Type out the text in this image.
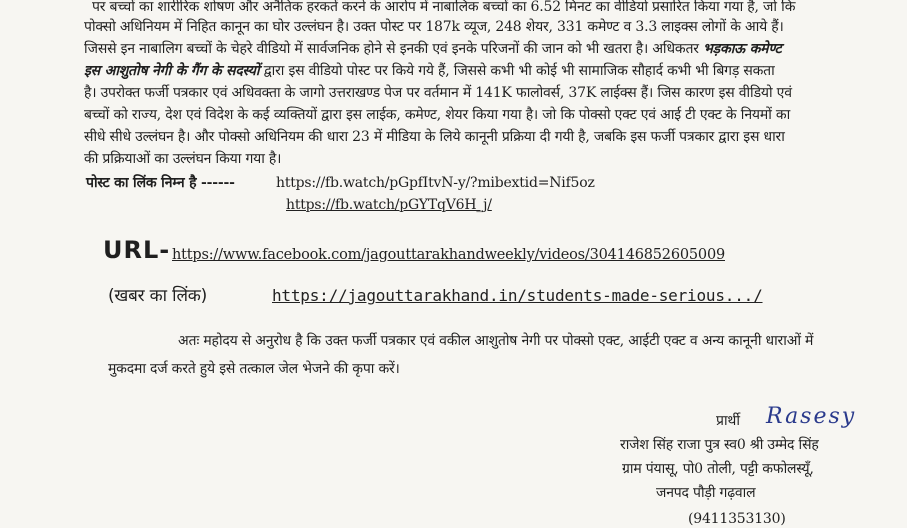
पर बच्चों का शारीरिक शोषण और अनैतिक हरकतें करने के आरोप में नाबालिक बच्चों का 6.52 मिनट का वीडियो प्रसारित किया गया है, जो कि
पोक्सो अधिनियम में निहित कानून का घोर उल्लंघन है। उक्त पोस्ट पर 187k व्यूज, 248 शेयर, 331 कमेण्ट व 3.3 लाइक्स लोगों के आये हैं।
जिससे इन नाबालिग बच्चों के चेहरे वीडियो में सार्वजनिक होने से इनकी एवं इनके परिजनों की जान को भी खतरा है। अधिकतर भड़काऊ कमेण्ट
इस आशुतोष नेगी के गैंग के सदस्यों द्वारा इस वीडियो पोस्ट पर किये गये हैं, जिससे कभी भी कोई भी सामाजिक सौहार्द कभी भी बिगड़ सकता
है। उपरोक्त फर्जी पत्रकार एवं अधिवक्ता के जागो उत्तराखण्ड पेज पर वर्तमान में 141K फालोवर्स, 37K लाईक्स हैं। जिस कारण इस वीडियो एवं
बच्चों को राज्य, देश एवं विदेश के कई व्यक्तियों द्वारा इस लाईक, कमेण्ट, शेयर किया गया है। जो कि पोक्सो एक्ट एवं आई टी एक्ट के नियमों का
सीधे सीधे उल्लंघन है। और पोक्सो अधिनियम की धारा 23 में मीडिया के लिये कानूनी प्रक्रिया दी गयी है, जबकि इस फर्जी पत्रकार द्वारा इस धारा
की प्रक्रियाओं का उल्लंघन किया गया है।
पोस्ट का लिंक निम्न है ------	https://fb.watch/pGpfItvN-y/?mibextid=Nif5oz
https://fb.watch/pGYTqV6H_j/
URL- https://www.facebook.com/jagouttarakhandweekly/videos/304146852605009
(खबर का लिंक)	https://jagouttarakhand.in/students-made-serious.../
अतः महोदय से अनुरोध है कि उक्त फर्जी पत्रकार एवं वकील आशुतोष नेगी पर पोक्सो एक्ट, आईटी एक्ट व अन्य कानूनी धाराओं में
मुकदमा दर्ज करते हुये इसे तत्काल जेल भेजने की कृपा करें।
प्रार्थी Rasesy
राजेश सिंह राजा पुत्र स्व0 श्री उम्मेद सिंह
ग्राम पंयासू, पो0 तोली, पट्टी कफोलस्यूँ,
जनपद पौड़ी गढ़वाल
(9411353130)
